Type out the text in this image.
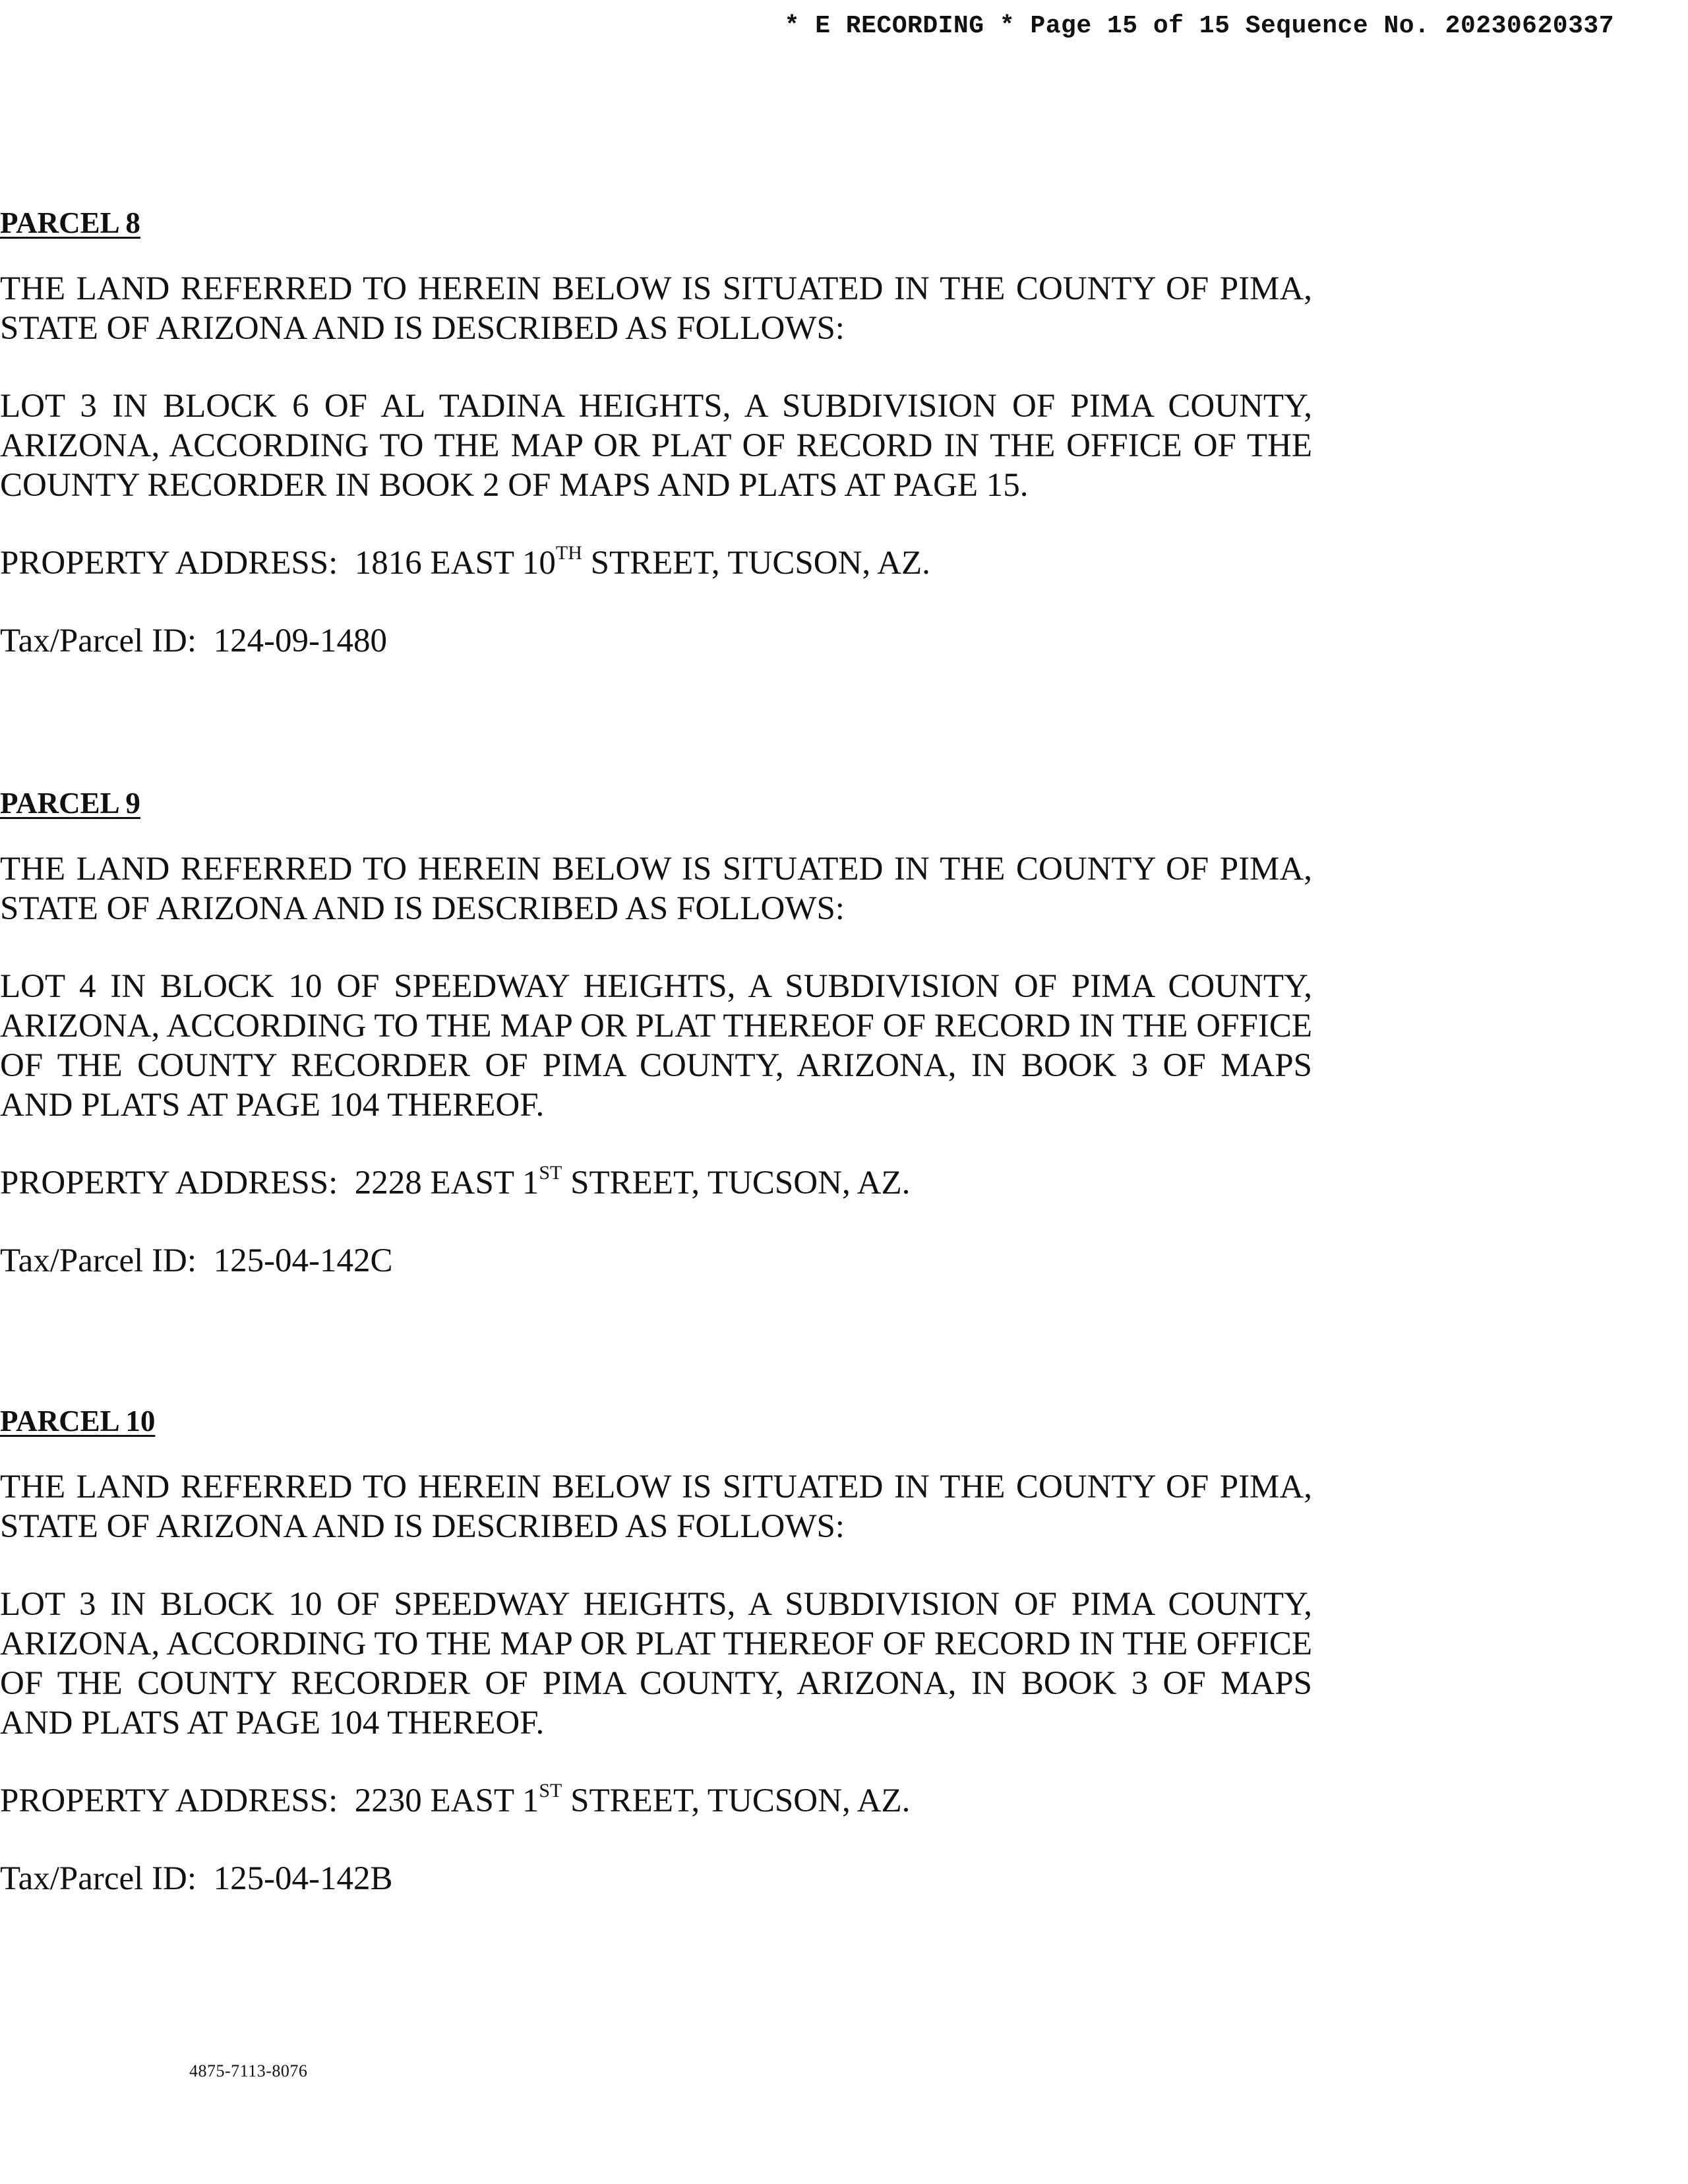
* E RECORDING * Page 15 of 15 Sequence No. 20230620337

PARCEL 8

THE LAND REFERRED TO HEREIN BELOW IS SITUATED IN THE COUNTY OF PIMA, STATE OF ARIZONA AND IS DESCRIBED AS FOLLOWS:

LOT 3 IN BLOCK 6 OF AL TADINA HEIGHTS, A SUBDIVISION OF PIMA COUNTY, ARIZONA, ACCORDING TO THE MAP OR PLAT OF RECORD IN THE OFFICE OF THE COUNTY RECORDER IN BOOK 2 OF MAPS AND PLATS AT PAGE 15.

PROPERTY ADDRESS: 1816 EAST 10TH STREET, TUCSON, AZ.

Tax/Parcel ID: 124-09-1480

PARCEL 9

THE LAND REFERRED TO HEREIN BELOW IS SITUATED IN THE COUNTY OF PIMA, STATE OF ARIZONA AND IS DESCRIBED AS FOLLOWS:

LOT 4 IN BLOCK 10 OF SPEEDWAY HEIGHTS, A SUBDIVISION OF PIMA COUNTY, ARIZONA, ACCORDING TO THE MAP OR PLAT THEREOF OF RECORD IN THE OFFICE OF THE COUNTY RECORDER OF PIMA COUNTY, ARIZONA, IN BOOK 3 OF MAPS AND PLATS AT PAGE 104 THEREOF.

PROPERTY ADDRESS: 2228 EAST 1ST STREET, TUCSON, AZ.

Tax/Parcel ID: 125-04-142C

PARCEL 10

THE LAND REFERRED TO HEREIN BELOW IS SITUATED IN THE COUNTY OF PIMA, STATE OF ARIZONA AND IS DESCRIBED AS FOLLOWS:

LOT 3 IN BLOCK 10 OF SPEEDWAY HEIGHTS, A SUBDIVISION OF PIMA COUNTY, ARIZONA, ACCORDING TO THE MAP OR PLAT THEREOF OF RECORD IN THE OFFICE OF THE COUNTY RECORDER OF PIMA COUNTY, ARIZONA, IN BOOK 3 OF MAPS AND PLATS AT PAGE 104 THEREOF.

PROPERTY ADDRESS: 2230 EAST 1ST STREET, TUCSON, AZ.

Tax/Parcel ID: 125-04-142B

4875-7113-8076
